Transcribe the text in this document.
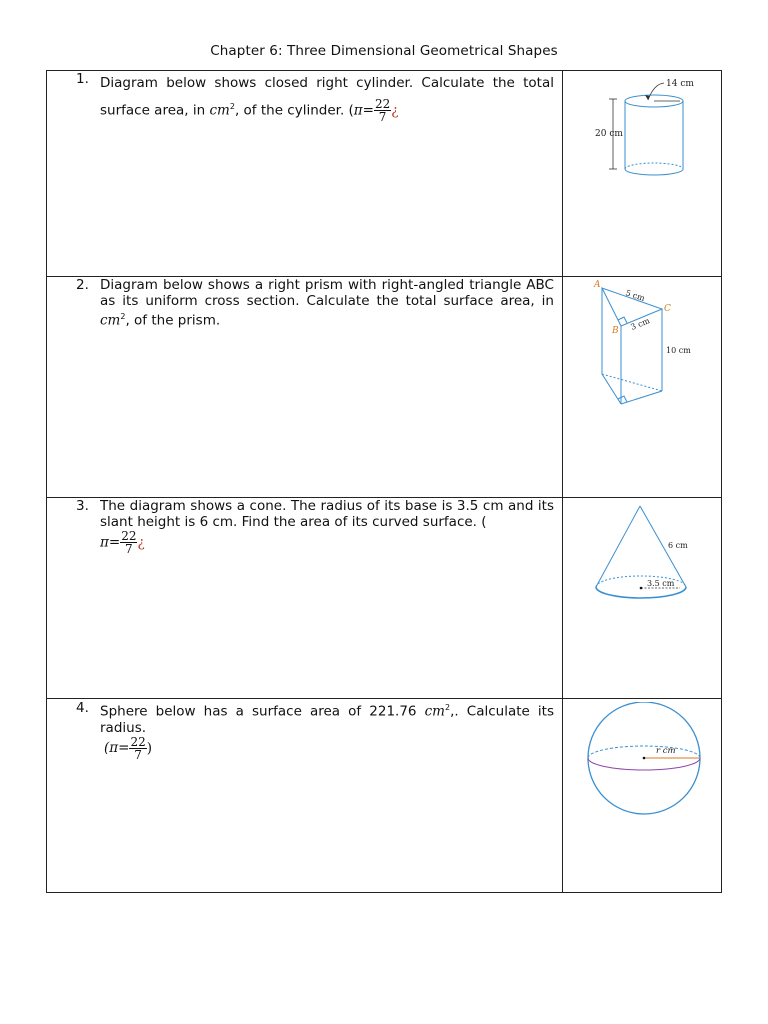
Chapter 6: Three Dimensional Geometrical Shapes
1. Diagram below shows closed right cylinder. Calculate the total surface area, in $cm^2$, of the cylinder. ($\pi= \frac{22}{7}$ ¿
2. Diagram below shows a right prism with right-angled triangle ABC as its uniform cross section. Calculate the total surface area, in $cm^2$, of the prism.
3. The diagram shows a cone. The radius of its base is 3.5 cm and its slant height is 6 cm. Find the area of its curved surface. (
$\pi= \frac{22}{7}$ ¿
4. Sphere below has a surface area of 221.76 $cm^2$,. Calculate its radius.
($\pi= \frac{22}{7}$ )
14 cm
20 cm
A
B
C
5 cm
3 cm
10 cm
6 cm
3.5 cm
r cm
